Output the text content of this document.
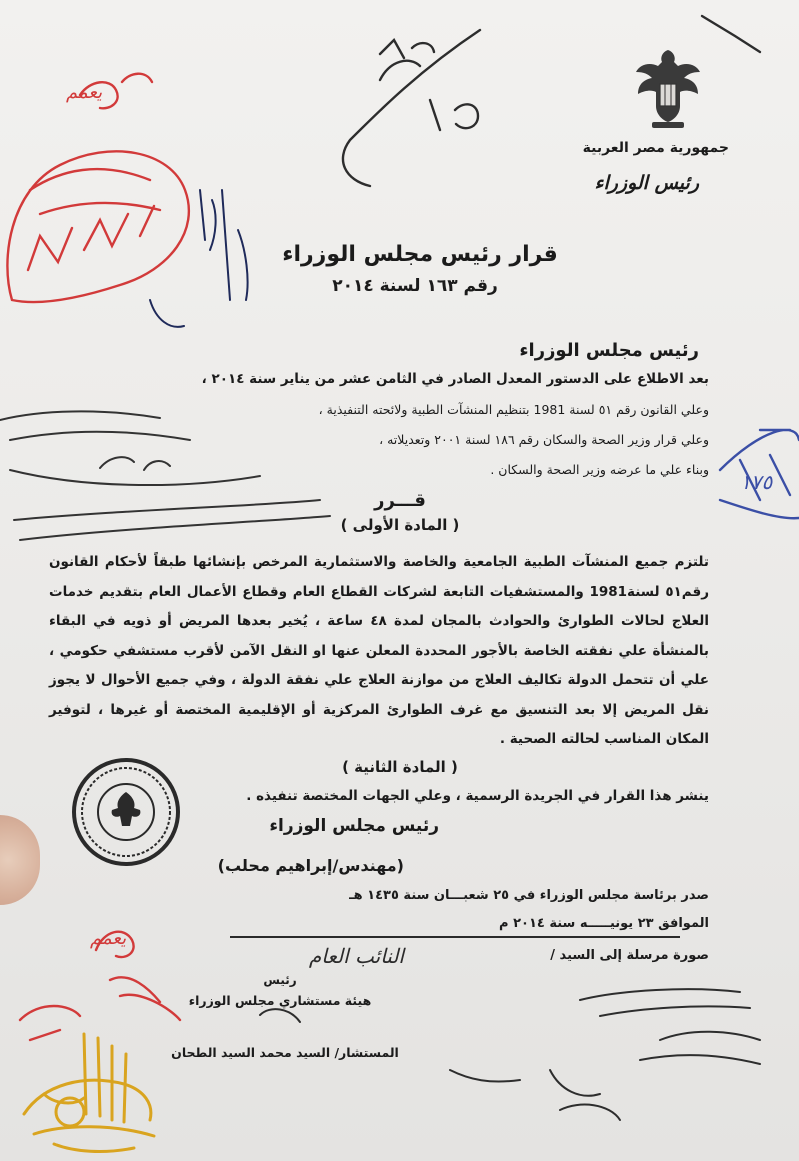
جمهورية مصر العربية
رئيس الوزراء
قرار رئيس مجلس الوزراء
رقم ١٦٣ لسنة ٢٠١٤
رئيس مجلس الوزراء
بعد الاطلاع على الدستور المعدل الصادر في الثامن عشر من يناير سنة ٢٠١٤ ،
وعلي القانون رقم ٥١ لسنة 1981 بتنظيم المنشآت الطبية ولائحته التنفيذية ،
وعلي قرار وزير الصحة والسكان رقم ١٨٦ لسنة ٢٠٠١ وتعديلاته ،
وبناء علي ما عرضه وزير الصحة والسكان .
قـــرر
( المادة الأولى )
تلتزم جميع المنشآت الطبية الجامعية والخاصة والاستثمارية المرخص بإنشائها طبقاً لأحكام القانون رقم٥١ لسنة1981 والمستشفيات التابعة لشركات القطاع العام وقطاع الأعمال العام بتقديم خدمات العلاج لحالات الطوارئ والحوادث بالمجان لمدة ٤٨ ساعة ، يُخير بعدها المريض أو ذويه في البقاء بالمنشأة علي نفقته الخاصة بالأجور المحددة المعلن عنها او النقل الآمن لأقرب مستشفي حكومي ، علي أن تتحمل الدولة تكاليف العلاج من موازنة العلاج علي نفقة الدولة ، وفي جميع الأحوال لا يجوز نقل المريض إلا بعد التنسيق مع غرف الطوارئ المركزية أو الإقليمية المختصة أو غيرها ، لتوفير المكان المناسب لحالته الصحية .
( المادة الثانية )
ينشر هذا القرار في الجريدة الرسمية ، وعلي الجهات المختصة تنفيذه .
رئيس مجلس الوزراء
(مهندس/إبراهيم محلب)
صدر برئاسة مجلس الوزراء في ٢٥ شعبـــان سنة ١٤٣٥ هـ
الموافق ٢٣ يونيـــــه سنة ٢٠١٤ م
صورة مرسلة إلى السيد /
النائب العام
رئيس
هيئة مستشاري مجلس الوزراء
المستشار/ السيد محمد السيد الطحان
يعمم
١٧٥
يعمم
